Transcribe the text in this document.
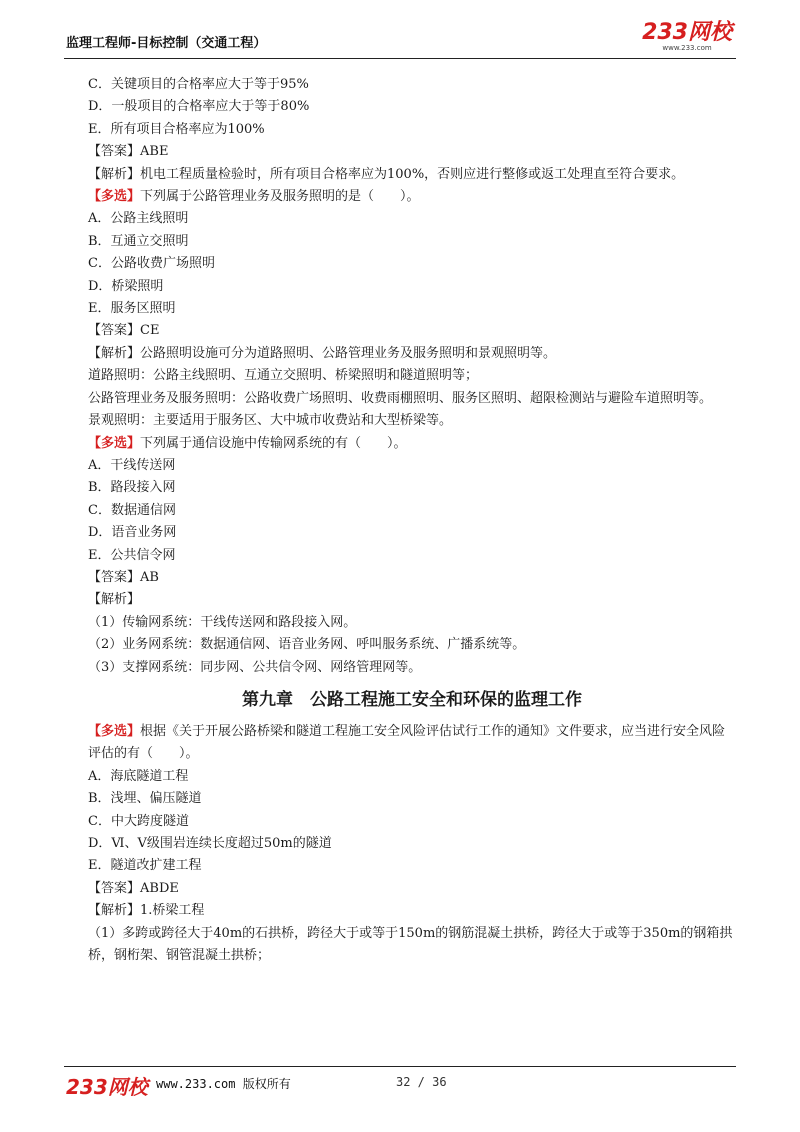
监理工程师-目标控制（交通工程）	233网校
www.233.com
C．关键项目的合格率应大于等于95%
D．一般项目的合格率应大于等于80%
E．所有项目合格率应为100%
【答案】ABE
【解析】机电工程质量检验时，所有项目合格率应为100%，否则应进行整修或返工处理直至符合要求。
【多选】下列属于公路管理业务及服务照明的是（　　）。
A．公路主线照明
B．互通立交照明
C．公路收费广场照明
D．桥梁照明
E．服务区照明
【答案】CE
【解析】公路照明设施可分为道路照明、公路管理业务及服务照明和景观照明等。
道路照明：公路主线照明、互通立交照明、桥梁照明和隧道照明等；
公路管理业务及服务照明：公路收费广场照明、收费雨棚照明、服务区照明、超限检测站与避险车道照明等。
景观照明：主要适用于服务区、大中城市收费站和大型桥梁等。
【多选】下列属于通信设施中传输网系统的有（　　）。
A．干线传送网
B．路段接入网
C．数据通信网
D．语音业务网
E．公共信令网
【答案】AB
【解析】
（1）传输网系统：干线传送网和路段接入网。
（2）业务网系统：数据通信网、语音业务网、呼叫服务系统、广播系统等。
（3）支撑网系统：同步网、公共信令网、网络管理网等。
第九章　公路工程施工安全和环保的监理工作
【多选】根据《关于开展公路桥梁和隧道工程施工安全风险评估试行工作的通知》文件要求，应当进行安全风险评估的有（　　）。
A．海底隧道工程
B．浅埋、偏压隧道
C．中大跨度隧道
D．Ⅵ、Ⅴ级围岩连续长度超过50m的隧道
E．隧道改扩建工程
【答案】ABDE
【解析】1.桥梁工程
（1）多跨或跨径大于40m的石拱桥，跨径大于或等于150m的钢筋混凝土拱桥，跨径大于或等于350m的钢箱拱桥，钢桁架、钢管混凝土拱桥；
233网校 www.233.com 版权所有	32 / 36
